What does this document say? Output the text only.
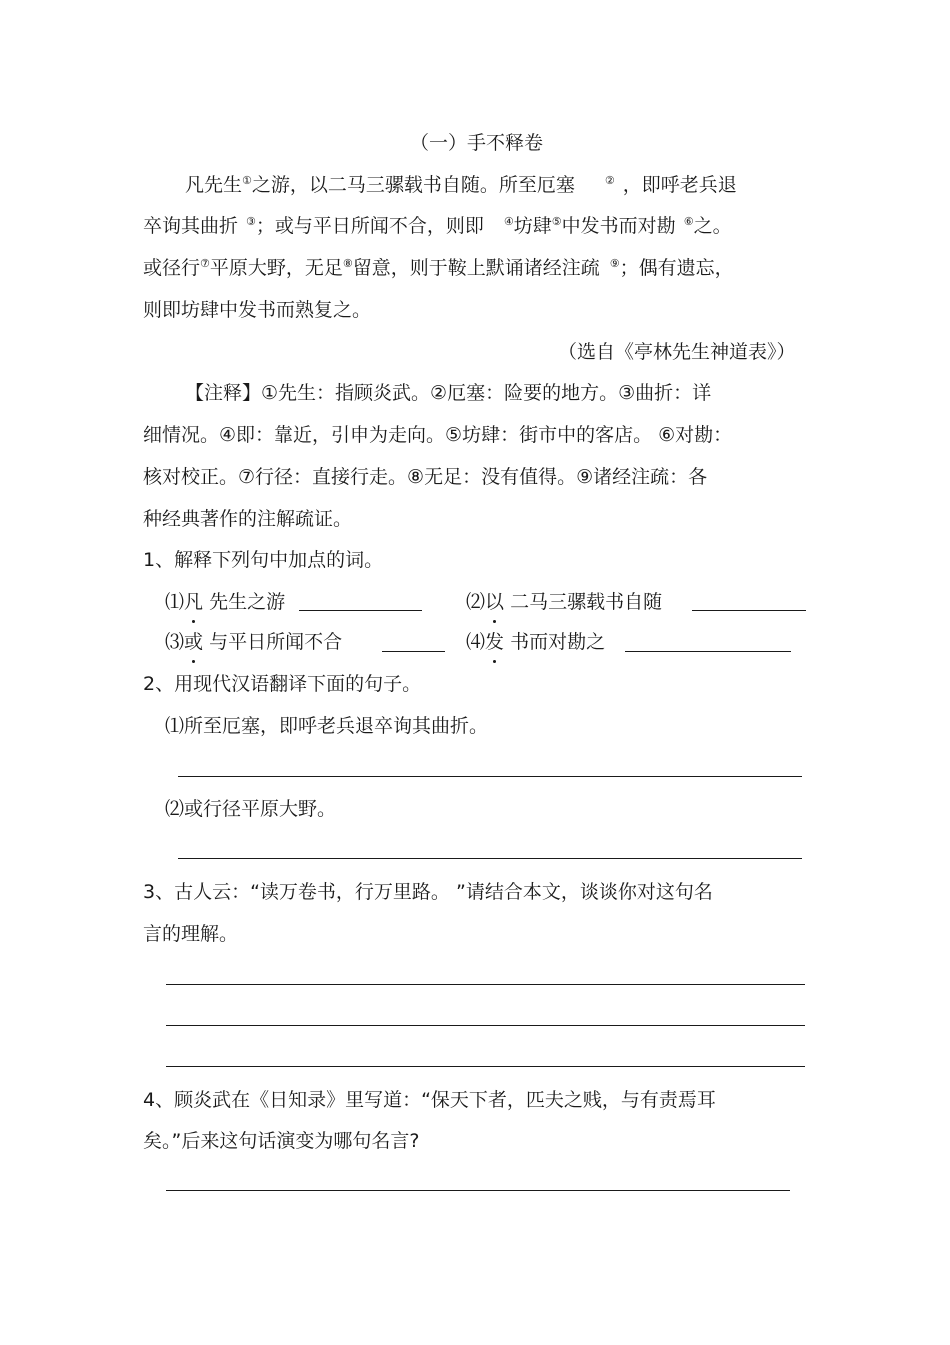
（一）手不释卷
凡先生①之游，以二马三骡载书自随。所至厄塞	② ，即呼老兵退
卒询其曲折 ③；或与平日所闻不合，则即 ④坊肆⑤中发书而对勘 ⑥之。
或径行⑦平原大野，无足⑧留意，则于鞍上默诵诸经注疏 ⑨；偶有遗忘，
则即坊肆中发书而熟复之。
（选自《亭林先生神道表》）
【注释】①先生：指顾炎武。②厄塞：险要的地方。③曲折：详
细情况。④即：靠近，引申为走向。⑤坊肆：街市中的客店。 ⑥对勘：
核对校正。⑦行径：直接行走。⑧无足：没有值得。⑨诸经注疏：各
种经典著作的注解疏证。
1、解释下列句中加点的词。
⑴凡 先生之游	⑵以 二马三骡载书自随
⑶或 与平日所闻不合	⑷发 书而对勘之
2、用现代汉语翻译下面的句子。
⑴所至厄塞，即呼老兵退卒询其曲折。
⑵或行径平原大野。
3、古人云：“读万卷书，行万里路。 ”请结合本文，谈谈你对这句名
言的理解。
4、顾炎武在《日知录》里写道：“保天下者，匹夫之贱，与有责焉耳
矣。”后来这句话演变为哪句名言?
